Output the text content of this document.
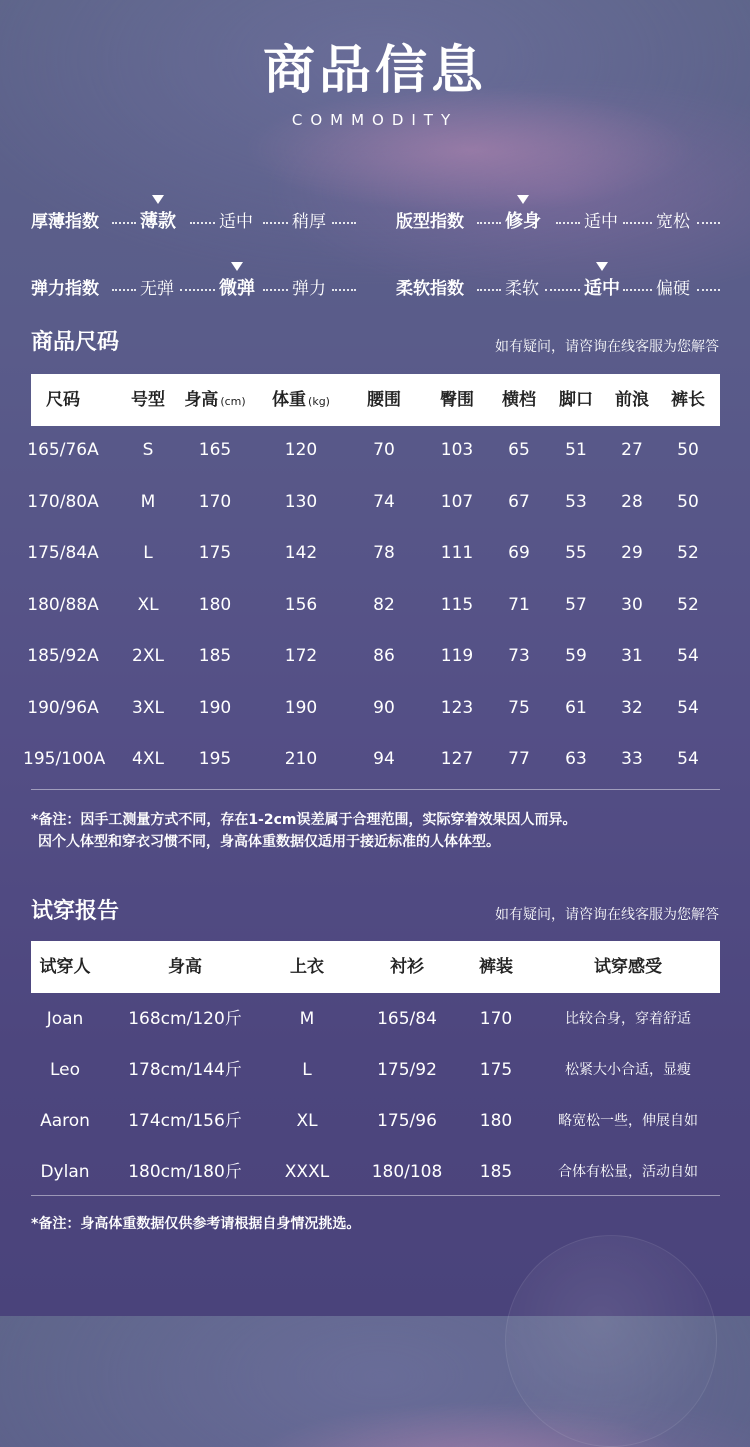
商品信息
COMMODITY
厚薄指数 薄款	适中 稍厚	版型指数 修身	适中 宽松
弹力指数 无弹	微弹 弹力	柔软指数 柔软	适中 偏硬
商品尺码	如有疑问，请咨询在线客服为您解答
尺码	号型	身高 (cm)	体重 (kg)	腰围	臀围	横档	脚口	前浪	裤长
165/76A	S	165	120	70	103	65	51	27	50
170/80A	M	170	130	74	107	67	53	28	50
175/84A	L	175	142	78	111	69	55	29	52
180/88A	XL	180	156	82	115	71	57	30	52
185/92A	2XL	185	172	86	119	73	59	31	54
190/96A	3XL	190	190	90	123	75	61	32	54
195/100A	4XL	195	210	94	127	77	63	33	54
*备注：因手工测量方式不同，存在1-2cm误差属于合理范围，实际穿着效果因人而异。
因个人体型和穿衣习惯不同，身高体重数据仅适用于接近标准的人体体型。
试穿报告	如有疑问，请咨询在线客服为您解答
试穿人	身高	上衣	衬衫	裤装	试穿感受
Joan	168cm/120斤	M	165/84	170	比较合身，穿着舒适
Leo	178cm/144斤	L	175/92	175	松紧大小合适，显瘦
Aaron	174cm/156斤	XL	175/96	180	略宽松一些，伸展自如
Dylan	180cm/180斤	XXXL	180/108	185	合体有松量，活动自如
*备注：身高体重数据仅供参考请根据自身情况挑选。
